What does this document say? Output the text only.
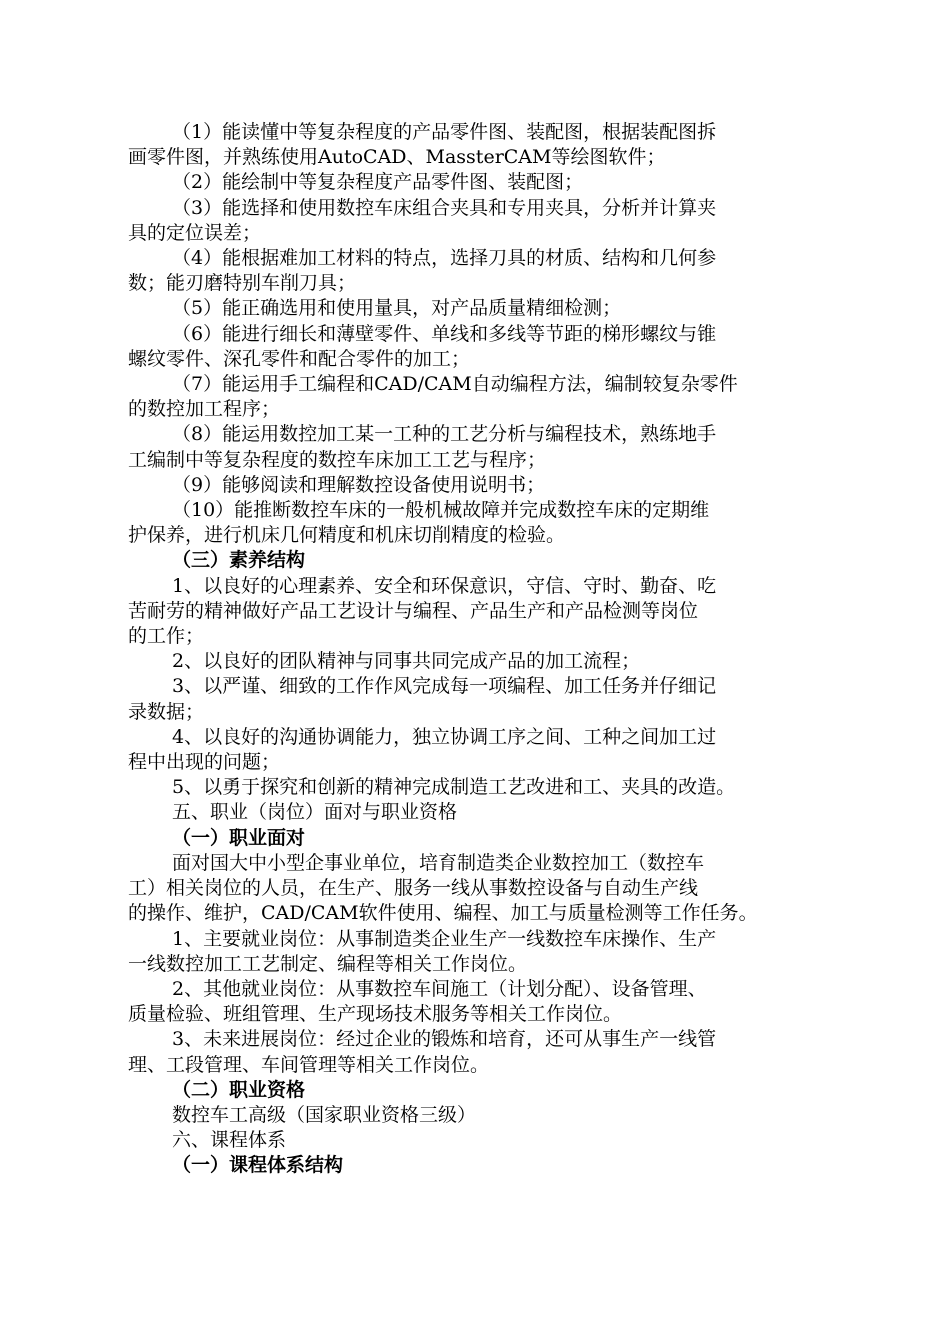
（1）能读懂中等复杂程度的产品零件图、装配图，根据装配图拆

画零件图，并熟练使用AutoCAD、MassterCAM等绘图软件；

（2）能绘制中等复杂程度产品零件图、装配图；

（3）能选择和使用数控车床组合夹具和专用夹具，分析并计算夹

具的定位误差；

（4）能根据难加工材料的特点，选择刀具的材质、结构和几何参

数；能刃磨特别车削刀具；

（5）能正确选用和使用量具，对产品质量精细检测；

（6）能进行细长和薄壁零件、单线和多线等节距的梯形螺纹与锥

螺纹零件、深孔零件和配合零件的加工；

（7）能运用手工编程和CAD/CAM自动编程方法，编制较复杂零件

的数控加工程序；

（8）能运用数控加工某一工种的工艺分析与编程技术，熟练地手

工编制中等复杂程度的数控车床加工工艺与程序；

（9）能够阅读和理解数控设备使用说明书；

（10）能推断数控车床的一般机械故障并完成数控车床的定期维

护保养，进行机床几何精度和机床切削精度的检验。

（三）素养结构

1、以良好的心理素养、安全和环保意识，守信、守时、勤奋、吃

苦耐劳的精神做好产品工艺设计与编程、产品生产和产品检测等岗位

的工作；

2、以良好的团队精神与同事共同完成产品的加工流程；

3、以严谨、细致的工作作风完成每一项编程、加工任务并仔细记

录数据；

4、以良好的沟通协调能力，独立协调工序之间、工种之间加工过

程中出现的问题；

5、以勇于探究和创新的精神完成制造工艺改进和工、夹具的改造。

五、职业（岗位）面对与职业资格

（一）职业面对

面对国大中小型企事业单位，培育制造类企业数控加工（数控车

工）相关岗位的人员，在生产、服务一线从事数控设备与自动生产线

的操作、维护，CAD/CAM软件使用、编程、加工与质量检测等工作任务。

1、主要就业岗位：从事制造类企业生产一线数控车床操作、生产

一线数控加工工艺制定、编程等相关工作岗位。

2、其他就业岗位：从事数控车间施工（计划分配）、设备管理、

质量检验、班组管理、生产现场技术服务等相关工作岗位。

3、未来进展岗位：经过企业的锻炼和培育，还可从事生产一线管

理、工段管理、车间管理等相关工作岗位。

（二）职业资格

数控车工高级（国家职业资格三级）

六、课程体系

（一）课程体系结构
